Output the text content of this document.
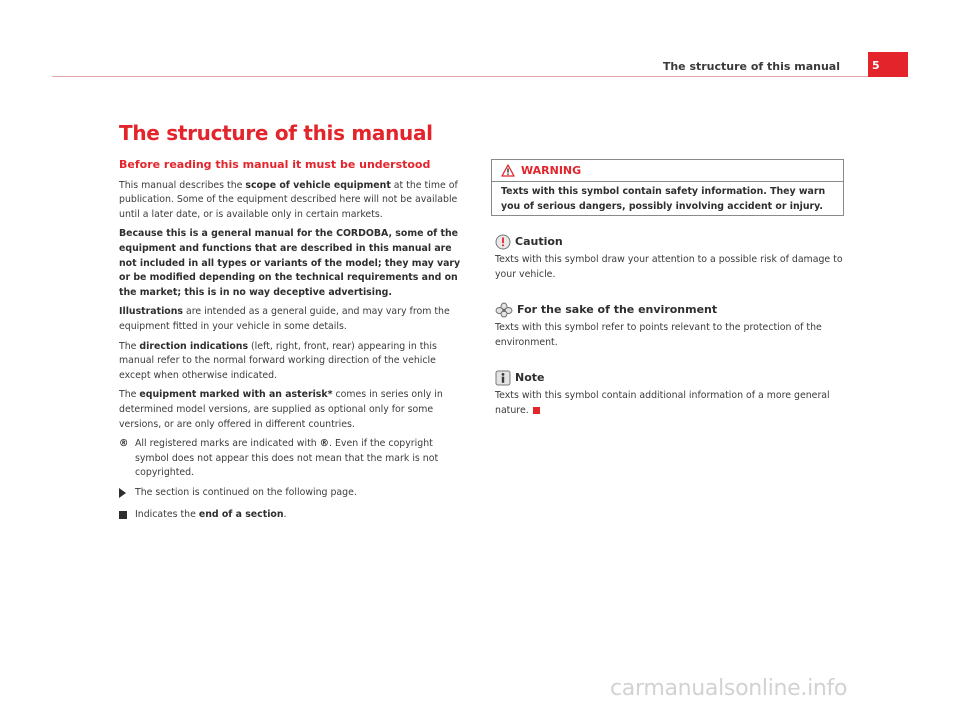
The structure of this manual	5
The structure of this manual
Before reading this manual it must be understood

This manual describes the scope of vehicle equipment at the time of publication. Some of the equipment described here will not be available until a later date, or is available only in certain markets.

Because this is a general manual for the CORDOBA, some of the equipment and functions that are described in this manual are not included in all types or variants of the model; they may vary or be modified depending on the technical requirements and on the market; this is in no way deceptive advertising.

Illustrations are intended as a general guide, and may vary from the equipment fitted in your vehicle in some details.

The direction indications (left, right, front, rear) appearing in this manual refer to the normal forward working direction of the vehicle except when otherwise indicated.

The equipment marked with an asterisk* comes in series only in determined model versions, are supplied as optional only for some versions, or are only offered in different countries.

® All registered marks are indicated with ®. Even if the copyright symbol does not appear this does not mean that the mark is not copyrighted.
The section is continued on the following page.
Indicates the end of a section.
WARNING
Texts with this symbol contain safety information. They warn you of serious dangers, possibly involving accident or injury.
Caution

Texts with this symbol draw your attention to a possible risk of damage to your vehicle.

For the sake of the environment

Texts with this symbol refer to points relevant to the protection of the environment.

Note

Texts with this symbol contain additional information of a more general nature.

carmanualsonline.info
